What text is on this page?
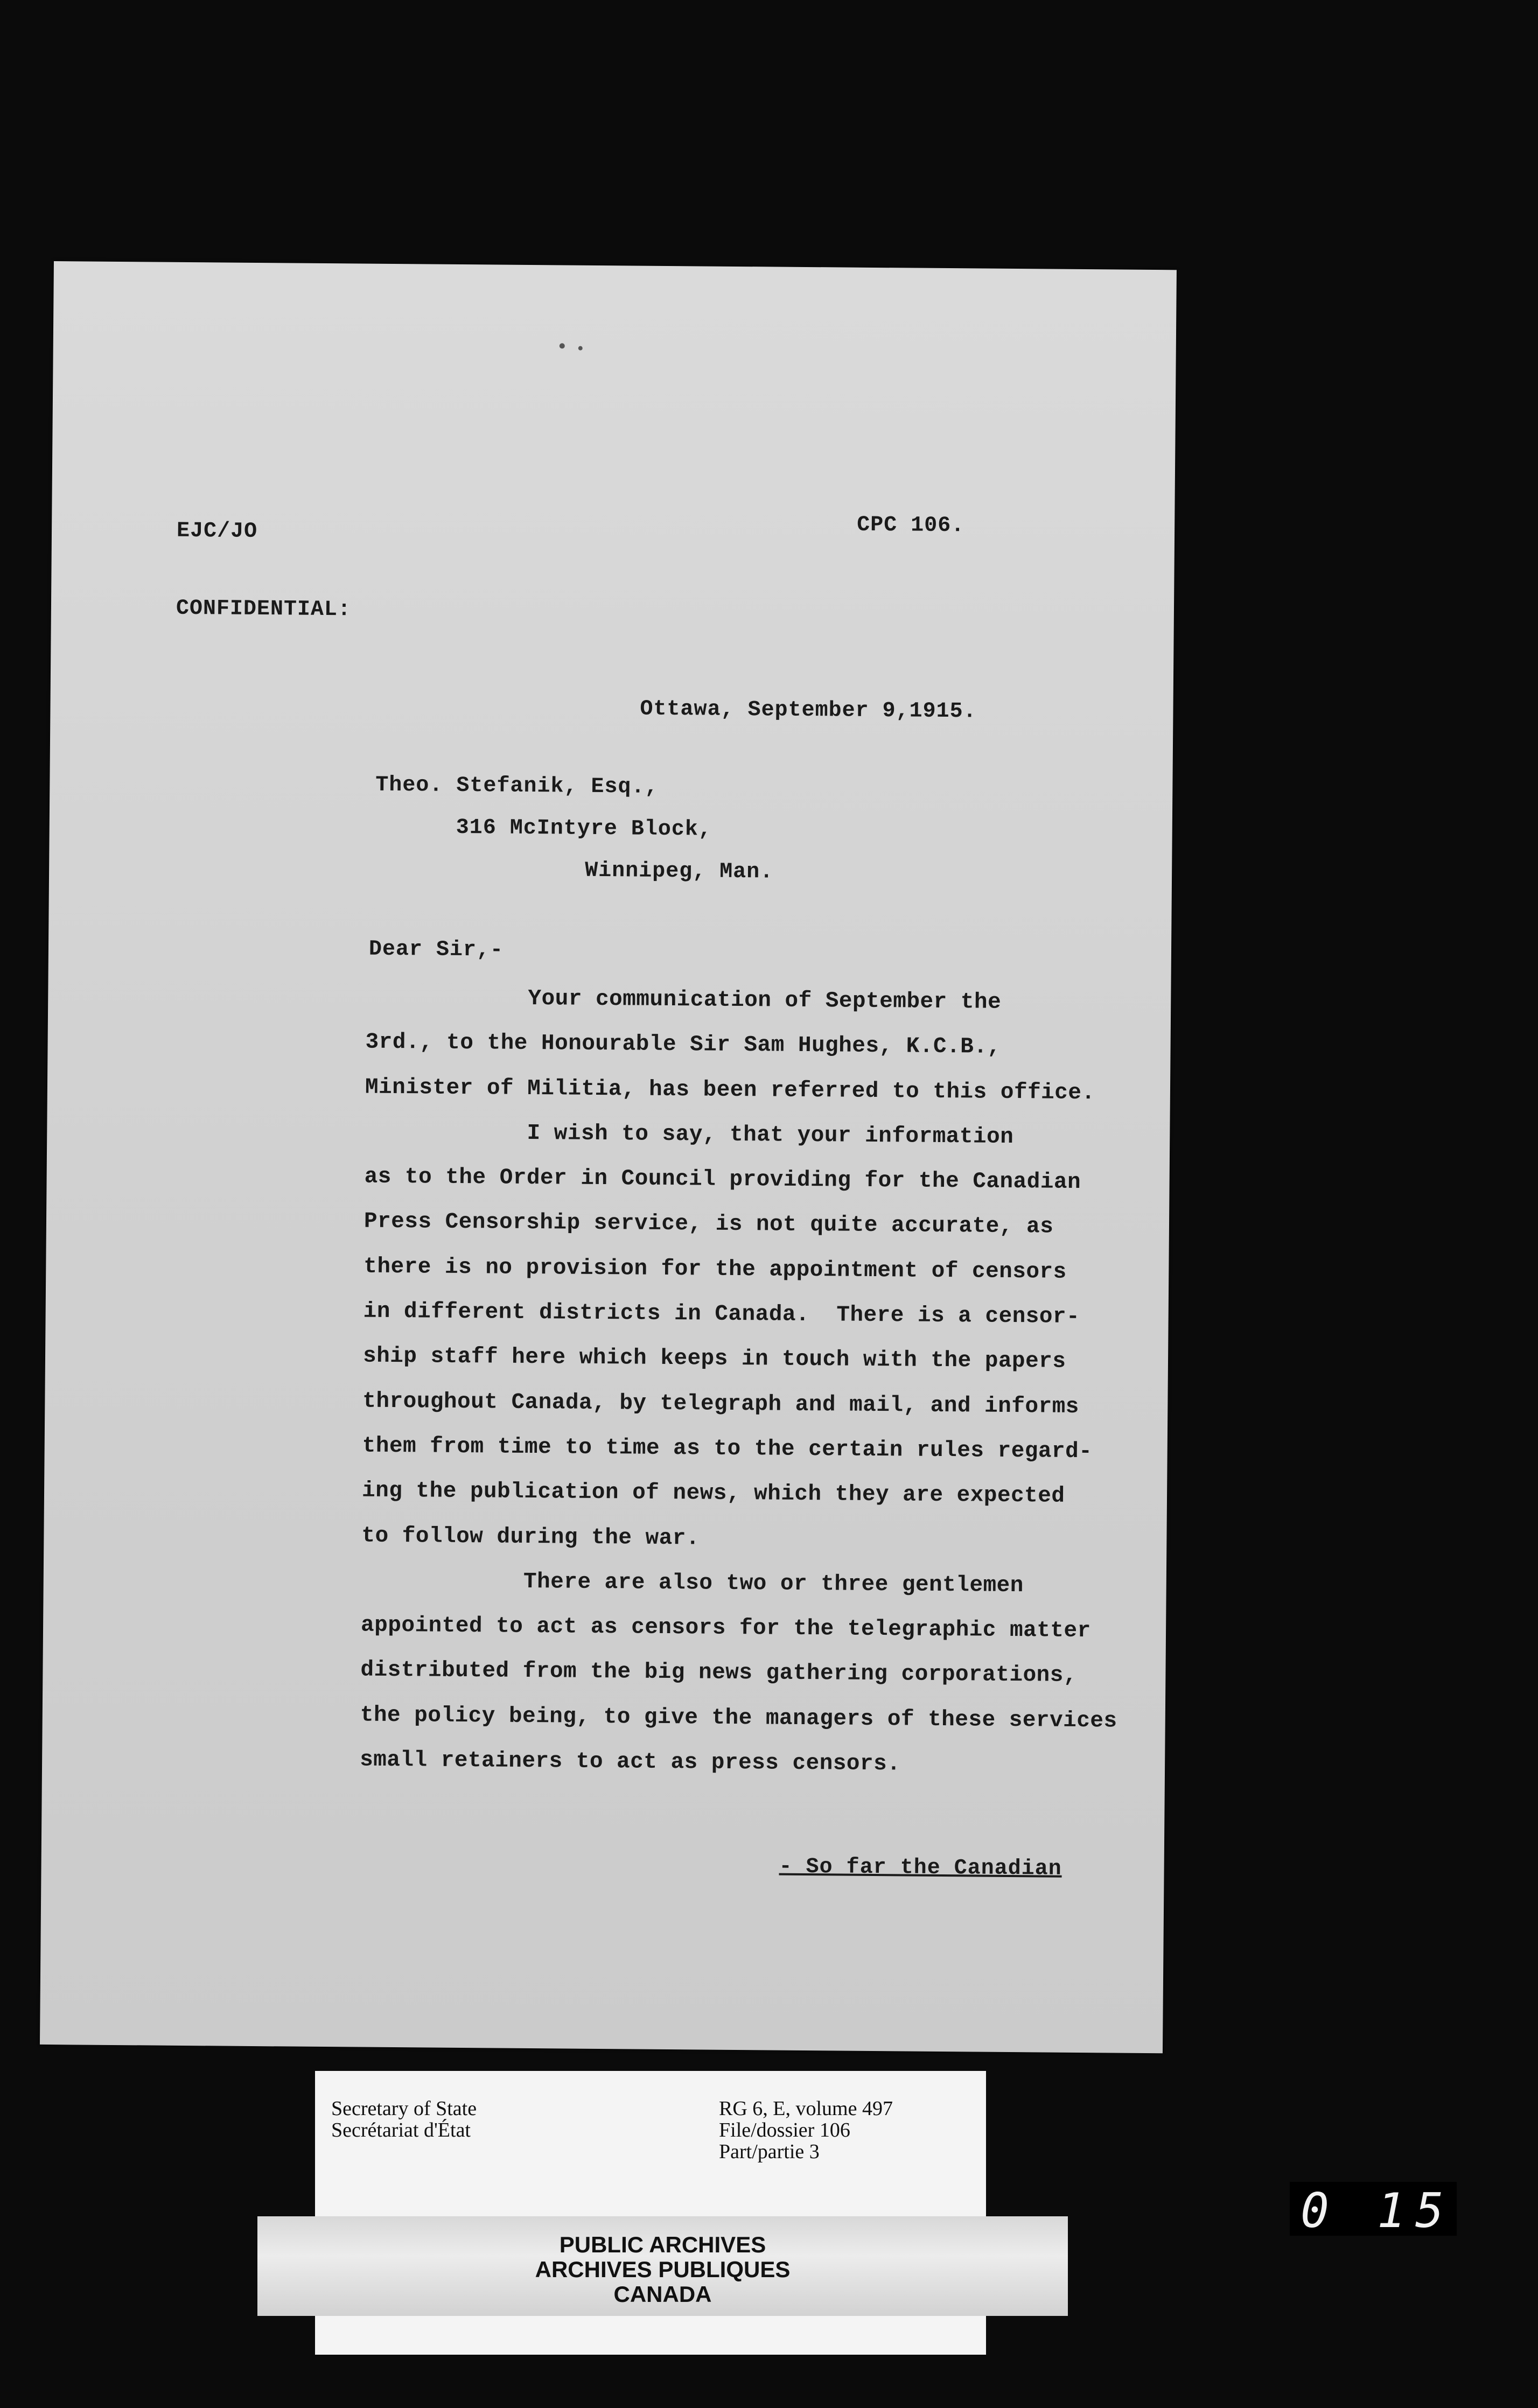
EJC/JO

CONFIDENTIAL:

CPC 106.
Ottawa, September 9,1915.
Theo. Stefanik, Esq.,
316 McIntyre Block,
Winnipeg, Man.
Dear Sir,-

Your communication of September the

3rd., to the Honourable Sir Sam Hughes, K.C.B.,

Minister of Militia, has been referred to this office.

I wish to say, that your information

as to the Order in Council providing for the Canadian

Press Censorship service, is not quite accurate, as

there is no provision for the appointment of censors

in different districts in Canada.  There is a censor-

ship staff here which keeps in touch with the papers

throughout Canada, by telegraph and mail, and informs

them from time to time as to the certain rules regard-

ing the publication of news, which they are expected

to follow during the war.

There are also two or three gentlemen

appointed to act as censors for the telegraphic matter

distributed from the big news gathering corporations,

the policy being, to give the managers of these services

small retainers to act as press censors.

- So far the Canadian
Secretary of State
Secrétariat d'État
RG 6, E, volume 497
File/dossier 106
Part/partie 3
PUBLIC ARCHIVES
ARCHIVES PUBLIQUES
CANADA
0 15
